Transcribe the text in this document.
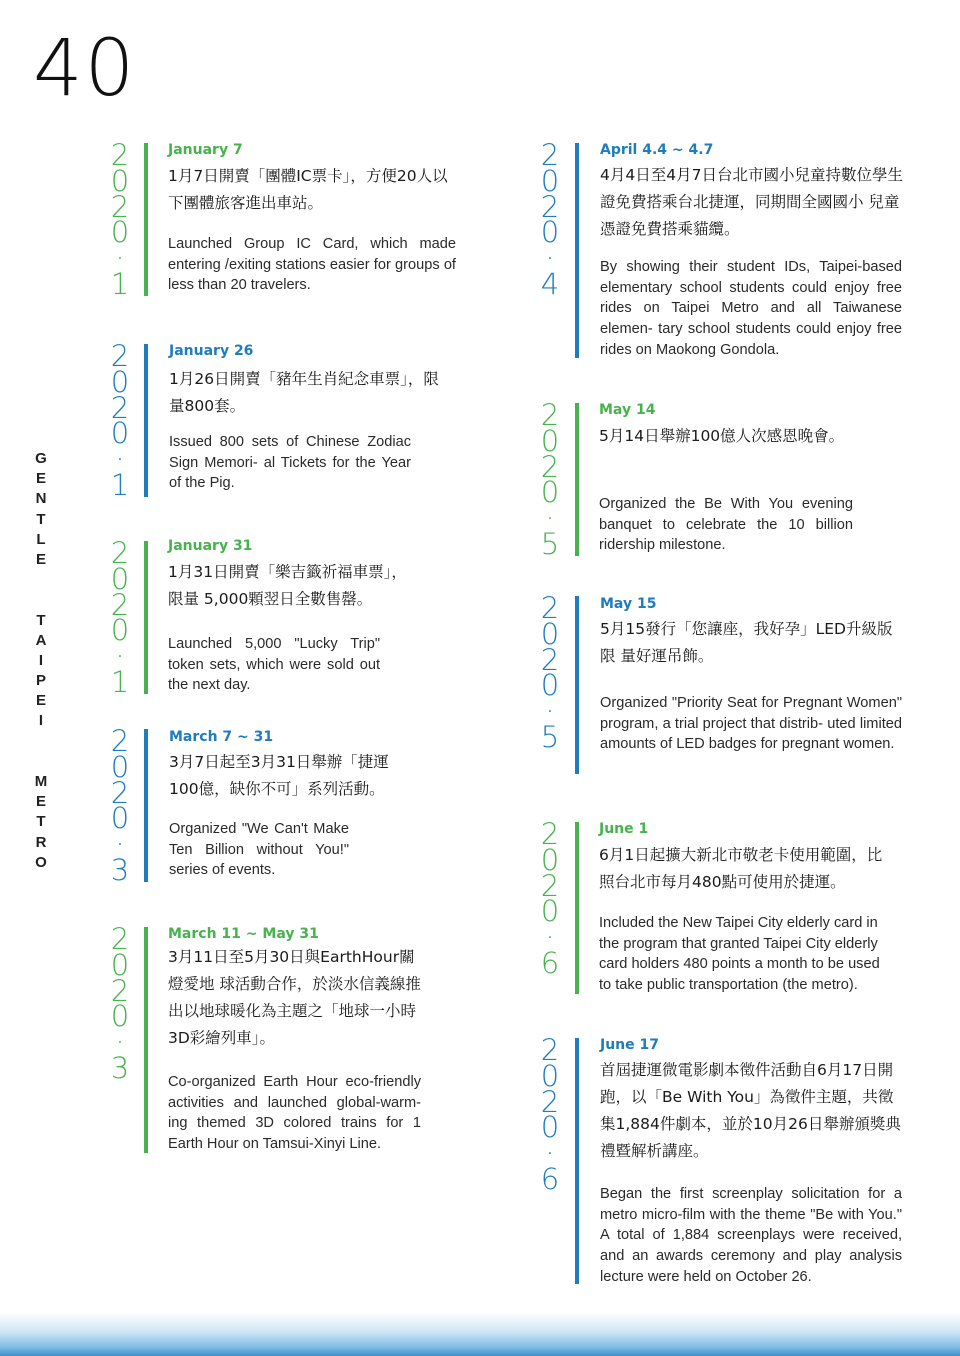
40
G
E
N
T
L
E
T
A
I
P
E
I
M
E
T
R
O
2
0
2
0
·
1
January 7

1月7日開賣「團體IC票卡」，方便20人以下團體旅客進出車站。

Launched Group IC Card, which made entering /exiting stations easier for groups of less than 20 travelers.

2
0
2
0
·
1
January 26

1月26日開賣「豬年生肖紀念車票」，限量800套。

Issued 800 sets of Chinese Zodiac Sign Memori- al Tickets for the Year of the Pig.

2
0
2
0
·
1
January 31

1月31日開賣「樂吉籤祈福車票」，限量 5,000顆翌日全數售罄。

Launched 5,000 "Lucky Trip" token sets, which were sold out the next day.

2
0
2
0
·
3
March 7 ~ 31

3月7日起至3月31日舉辦「捷運100億，缺你不可」系列活動。

Organized "We Can't Make Ten Billion without You!" series of events.

2
0
2
0
·
3
March 11 ~ May 31

3月11日至5月30日與EarthHour關燈愛地 球活動合作，於淡水信義線推出以地球暖化為主題之「地球一小時3D彩繪列車」。

Co-organized Earth Hour eco-friendly activities and launched global-warm- ing themed 3D colored trains for 1 Earth Hour on Tamsui-Xinyi Line.

2
0
2
0
·
4
April 4.4 ~ 4.7

4月4日至4月7日台北市國小兒童持數位學生證免費搭乘台北捷運，同期間全國國小 兒童憑證免費搭乘貓纜。

By showing their student IDs, Taipei-based elementary school students could enjoy free rides on Taipei Metro and all Taiwanese elemen- tary school students could enjoy free rides on Maokong Gondola.

2
0
2
0
·
5
May 14

5月14日舉辦100億人次感恩晚會。

Organized the Be With You evening banquet to celebrate the 10 billion ridership milestone.

2
0
2
0
·
5
May 15

5月15發行「您讓座，我好孕」LED升級版限 量好運吊飾。

Organized "Priority Seat for Pregnant Women" program, a trial project that distrib- uted limited amounts of LED badges for pregnant women.

2
0
2
0
·
6
June 1

6月1日起擴大新北市敬老卡使用範圍，比照台北市每月480點可使用於捷運。

Included the New Taipei City elderly card in the program that granted Taipei City elderly card holders 480 points a month to be used to take public transportation (the metro).

2
0
2
0
·
6
June 17

首屆捷運微電影劇本徵件活動自6月17日開跑，以「Be With You」為徵件主題，共徵集1,884件劇本，並於10月26日舉辦頒獎典禮暨解析講座。

Began the first screenplay solicitation for a metro micro-film with the theme "Be with You." A total of 1,884 screenplays were received, and an awards ceremony and play analysis lecture were held on October 26.
